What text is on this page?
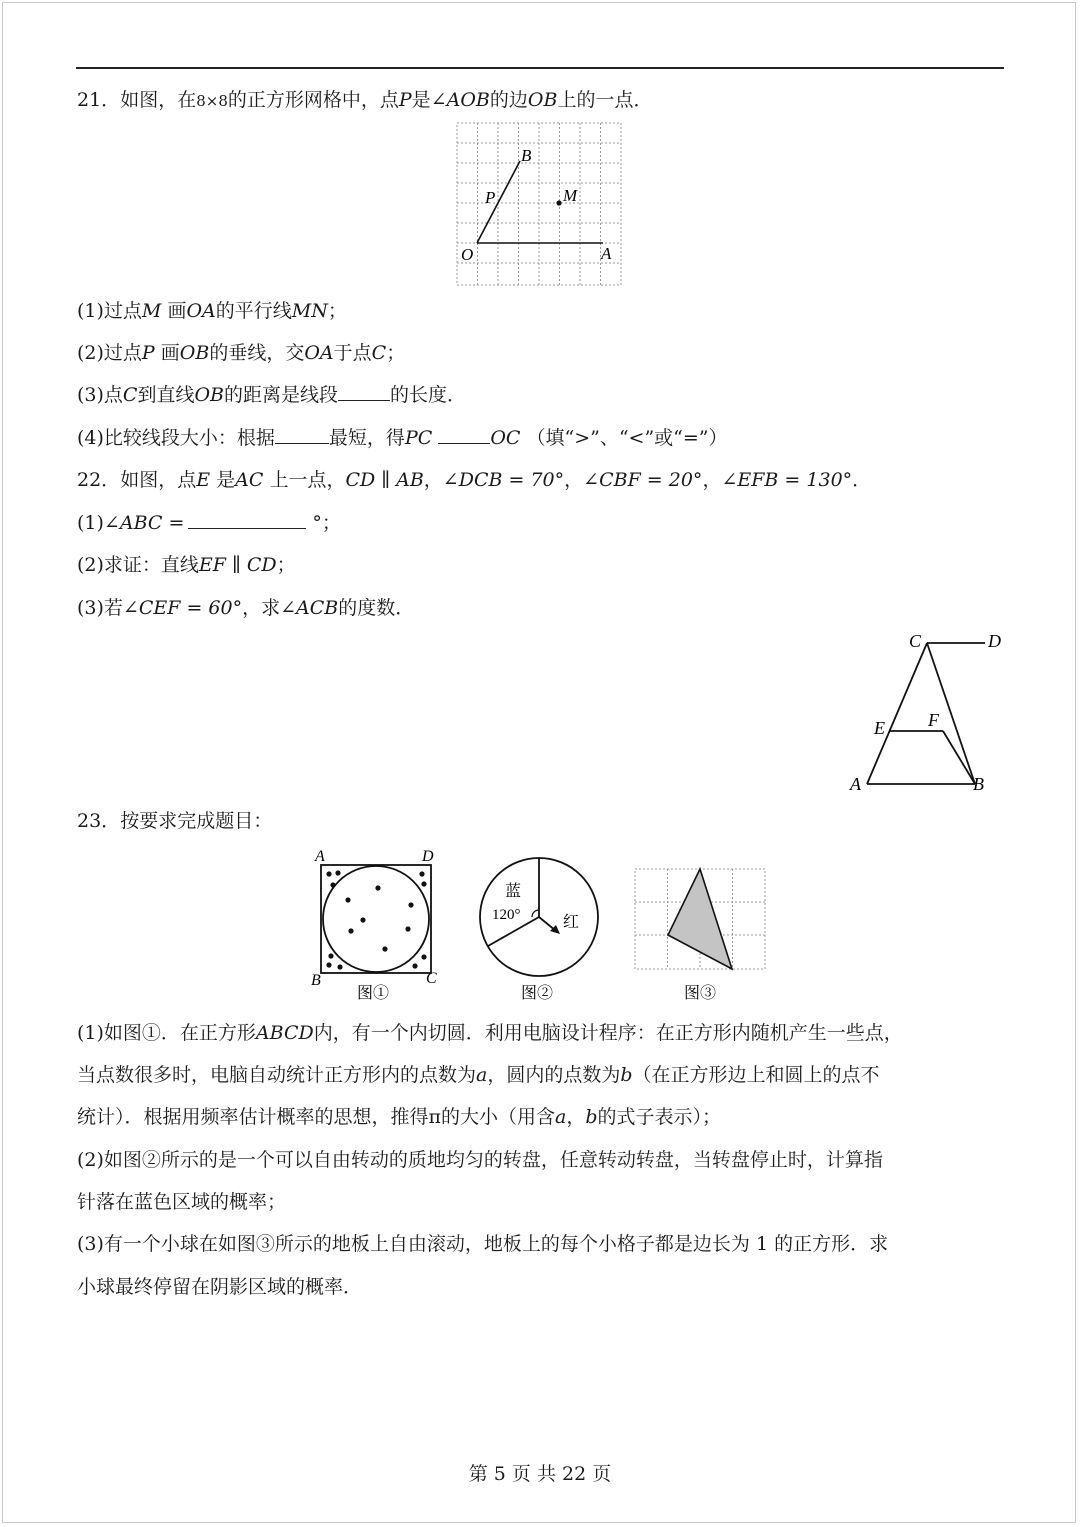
21．如图，在8×8的正方形网格中，点P是∠AOB的边OB上的一点．
B
P	M
O	A
(1)过点M 画OA的平行线MN；
(2)过点P 画OB的垂线，交OA于点C；
(3)点C到直线OB的距离是线段	的长度．
(4)比较线段大小：根据	最短，得PC	OC （填“>”、“<”或“=”）
22．如图，点E 是AC 上一点，CD ∥ AB，∠DCB = 70°，∠CBF = 20°，∠EFB = 130°．
(1)∠ABC =	°；
(2)求证：直线EF ∥ CD；
(3)若∠CEF = 60°，求∠ACB的度数．
C	D
E F
A	B
23．按要求完成题目：
A	D
B	C
图①
蓝
120°	红
图②	图③
(1)如图①．在正方形ABCD内，有一个内切圆．利用电脑设计程序：在正方形内随机产生一些点，
当点数很多时，电脑自动统计正方形内的点数为a，圆内的点数为b（在正方形边上和圆上的点不
统计）．根据用频率估计概率的思想，推得π的大小（用含a，b的式子表示）；
(2)如图②所示的是一个可以自由转动的质地均匀的转盘，任意转动转盘，当转盘停止时，计算指
针落在蓝色区域的概率；
(3)有一个小球在如图③所示的地板上自由滚动，地板上的每个小格子都是边长为 1 的正方形．求
小球最终停留在阴影区域的概率．
第 5 页 共 22 页
